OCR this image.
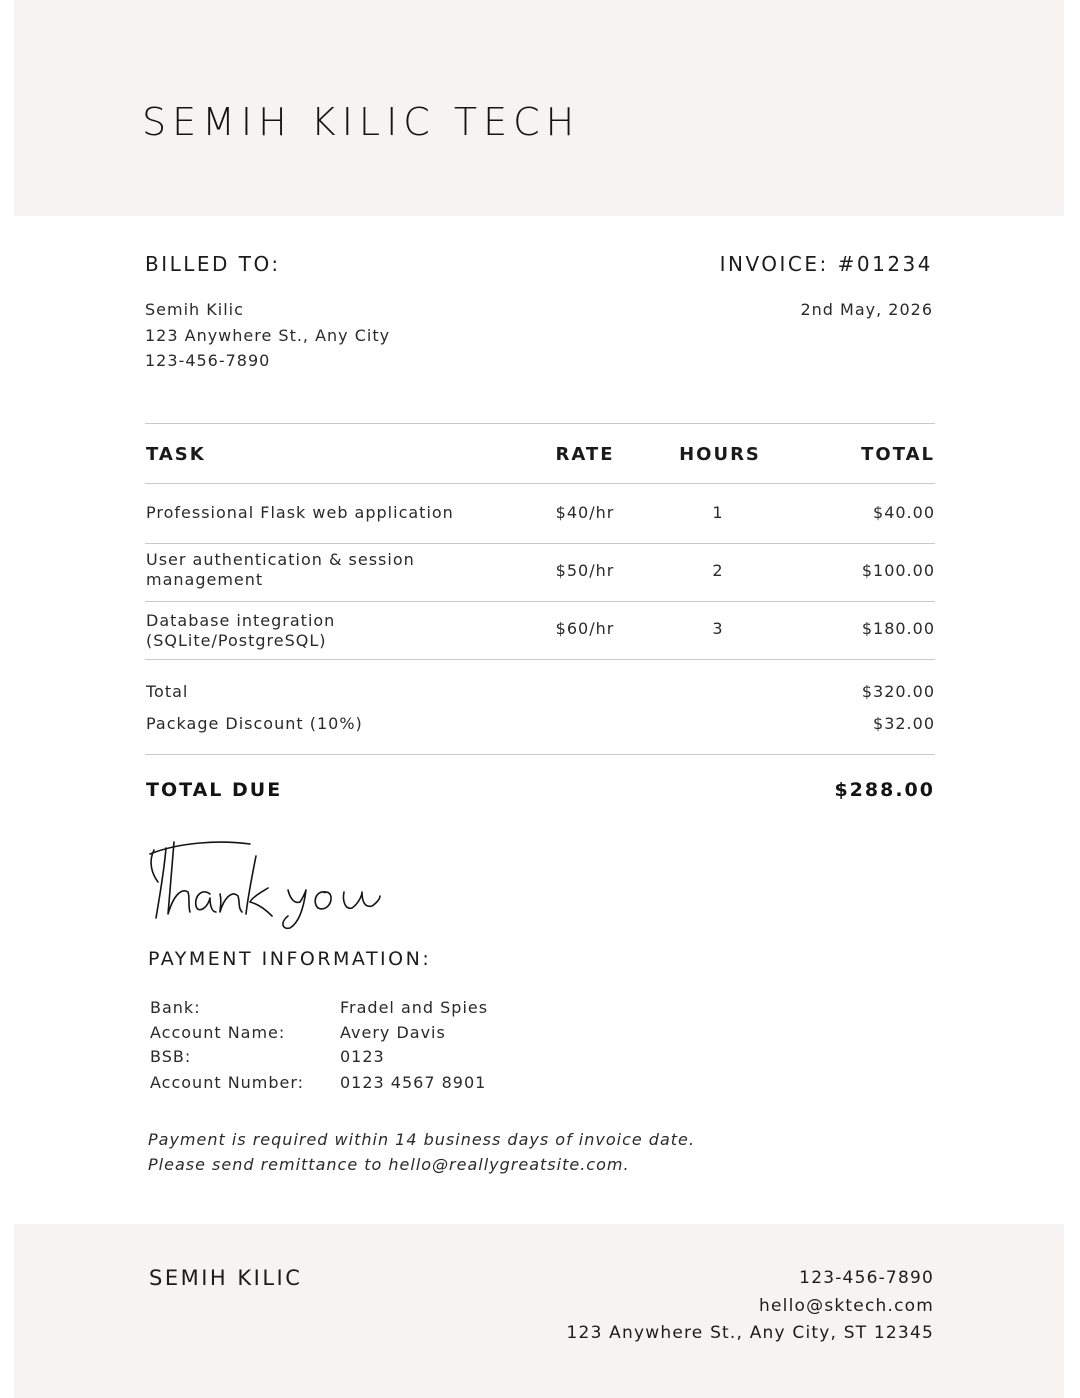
SEMIH KILIC TECH
BILLED TO:
Semih Kilic
123 Anywhere St., Any City
123-456-7890
INVOICE: #01234
2nd May, 2026
TASK	RATE	HOURS	TOTAL
Professional Flask web application	$40/hr	1	$40.00
User authentication & session
management	$50/hr	2	$100.00
Database integration
(SQLite/PostgreSQL)
$60/hr	3	$180.00
Total	$320.00
Package Discount (10%)	$32.00
TOTAL DUE	$288.00
PAYMENT INFORMATION:
Bank:	Fradel and Spies
Account Name:	Avery Davis
BSB:	0123
Account Number: 0123 4567 8901
Payment is required within 14 business days of invoice date.
Please send remittance to hello@reallygreatsite.com.
SEMIH KILIC	123-456-7890
hello@sktech.com
123 Anywhere St., Any City, ST 12345
